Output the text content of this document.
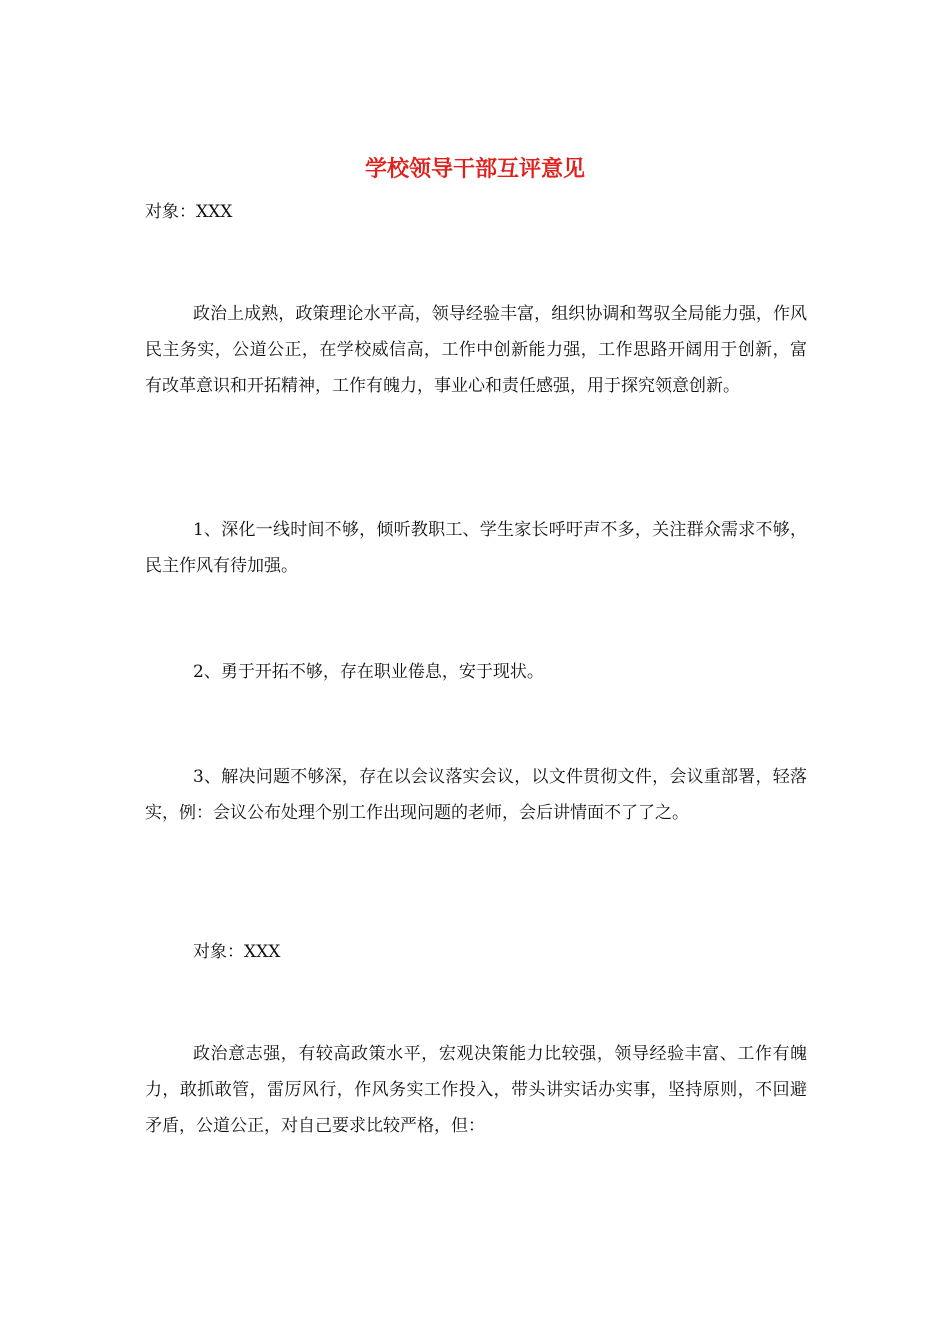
学校领导干部互评意见

对象：XXX

政治上成熟，政策理论水平高，领导经验丰富，组织协调和驾驭全局能力强，作风民主务实，公道公正，在学校威信高，工作中创新能力强，工作思路开阔用于创新，富有改革意识和开拓精神，工作有魄力，事业心和责任感强，用于探究领意创新。

1、深化一线时间不够，倾听教职工、学生家长呼吁声不多，关注群众需求不够，民主作风有待加强。

2、勇于开拓不够，存在职业倦息，安于现状。

3、解决问题不够深，存在以会议落实会议，以文件贯彻文件，会议重部署，轻落实，例：会议公布处理个别工作出现问题的老师，会后讲情面不了了之。

对象：XXX

政治意志强，有较高政策水平，宏观决策能力比较强，领导经验丰富、工作有魄力，敢抓敢管，雷厉风行，作风务实工作投入，带头讲实话办实事，坚持原则，不回避矛盾，公道公正，对自己要求比较严格，但：
